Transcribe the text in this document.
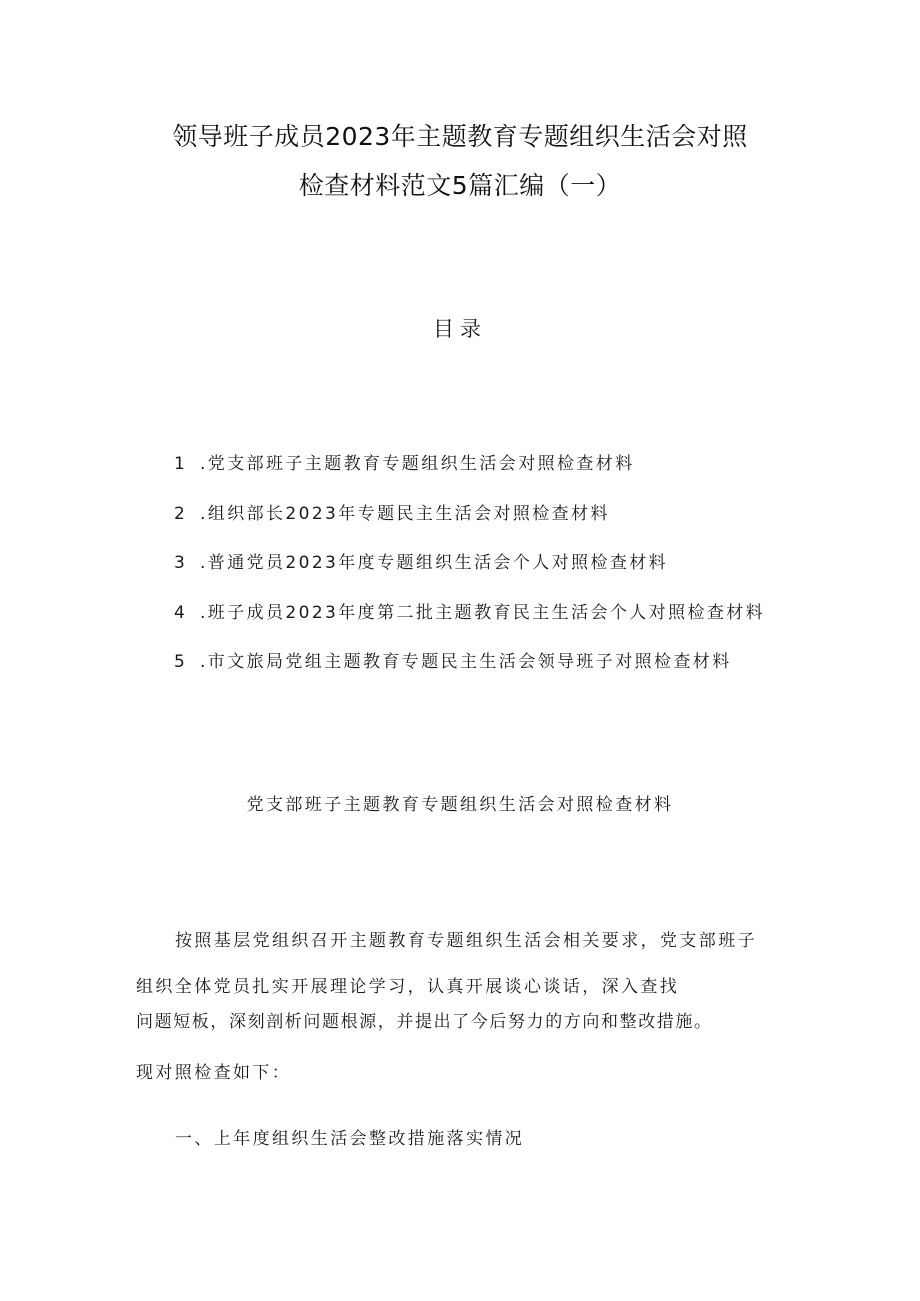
领导班子成员2023年主题教育专题组织生活会对照
检查材料范文5篇汇编（一）
目录
1 .党支部班子主题教育专题组织生活会对照检查材料
2 .组织部长2023年专题民主生活会对照检查材料
3 .普通党员2023年度专题组织生活会个人对照检查材料
4 .班子成员2023年度第二批主题教育民主生活会个人对照检查材料
5 .市文旅局党组主题教育专题民主生活会领导班子对照检查材料
党支部班子主题教育专题组织生活会对照检查材料
按照基层党组织召开主题教育专题组织生活会相关要求，党支部班子
组织全体党员扎实开展理论学习，认真开展谈心谈话，深入查找
问题短板，深刻剖析问题根源，并提出了今后努力的方向和整改措施。
现对照检查如下：
一、上年度组织生活会整改措施落实情况
